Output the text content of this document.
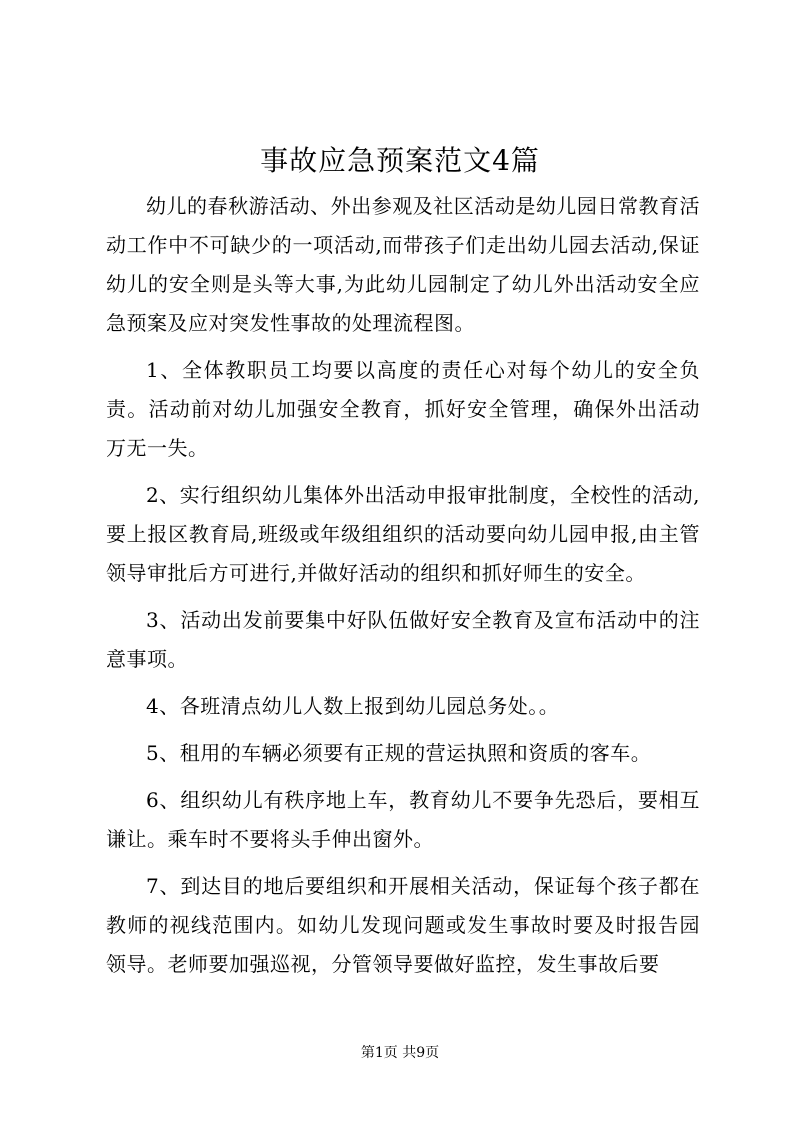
事故应急预案范文4篇

幼儿的春秋游活动、外出参观及社区活动是幼儿园日常教育活动工作中不可缺少的一项活动,而带孩子们走出幼儿园去活动,保证幼儿的安全则是头等大事,为此幼儿园制定了幼儿外出活动安全应急预案及应对突发性事故的处理流程图。

1、全体教职员工均要以高度的责任心对每个幼儿的安全负责。活动前对幼儿加强安全教育，抓好安全管理，确保外出活动万无一失。

2、实行组织幼儿集体外出活动申报审批制度，全校性的活动,要上报区教育局,班级或年级组组织的活动要向幼儿园申报,由主管领导审批后方可进行,并做好活动的组织和抓好师生的安全。

3、活动出发前要集中好队伍做好安全教育及宣布活动中的注意事项。

4、各班清点幼儿人数上报到幼儿园总务处。。

5、租用的车辆必须要有正规的营运执照和资质的客车。

6、组织幼儿有秩序地上车，教育幼儿不要争先恐后，要相互谦让。乘车时不要将头手伸出窗外。

7、到达目的地后要组织和开展相关活动，保证每个孩子都在教师的视线范围内。如幼儿发现问题或发生事故时要及时报告园领导。老师要加强巡视，分管领导要做好监控，发生事故后要

第1页 共9页
